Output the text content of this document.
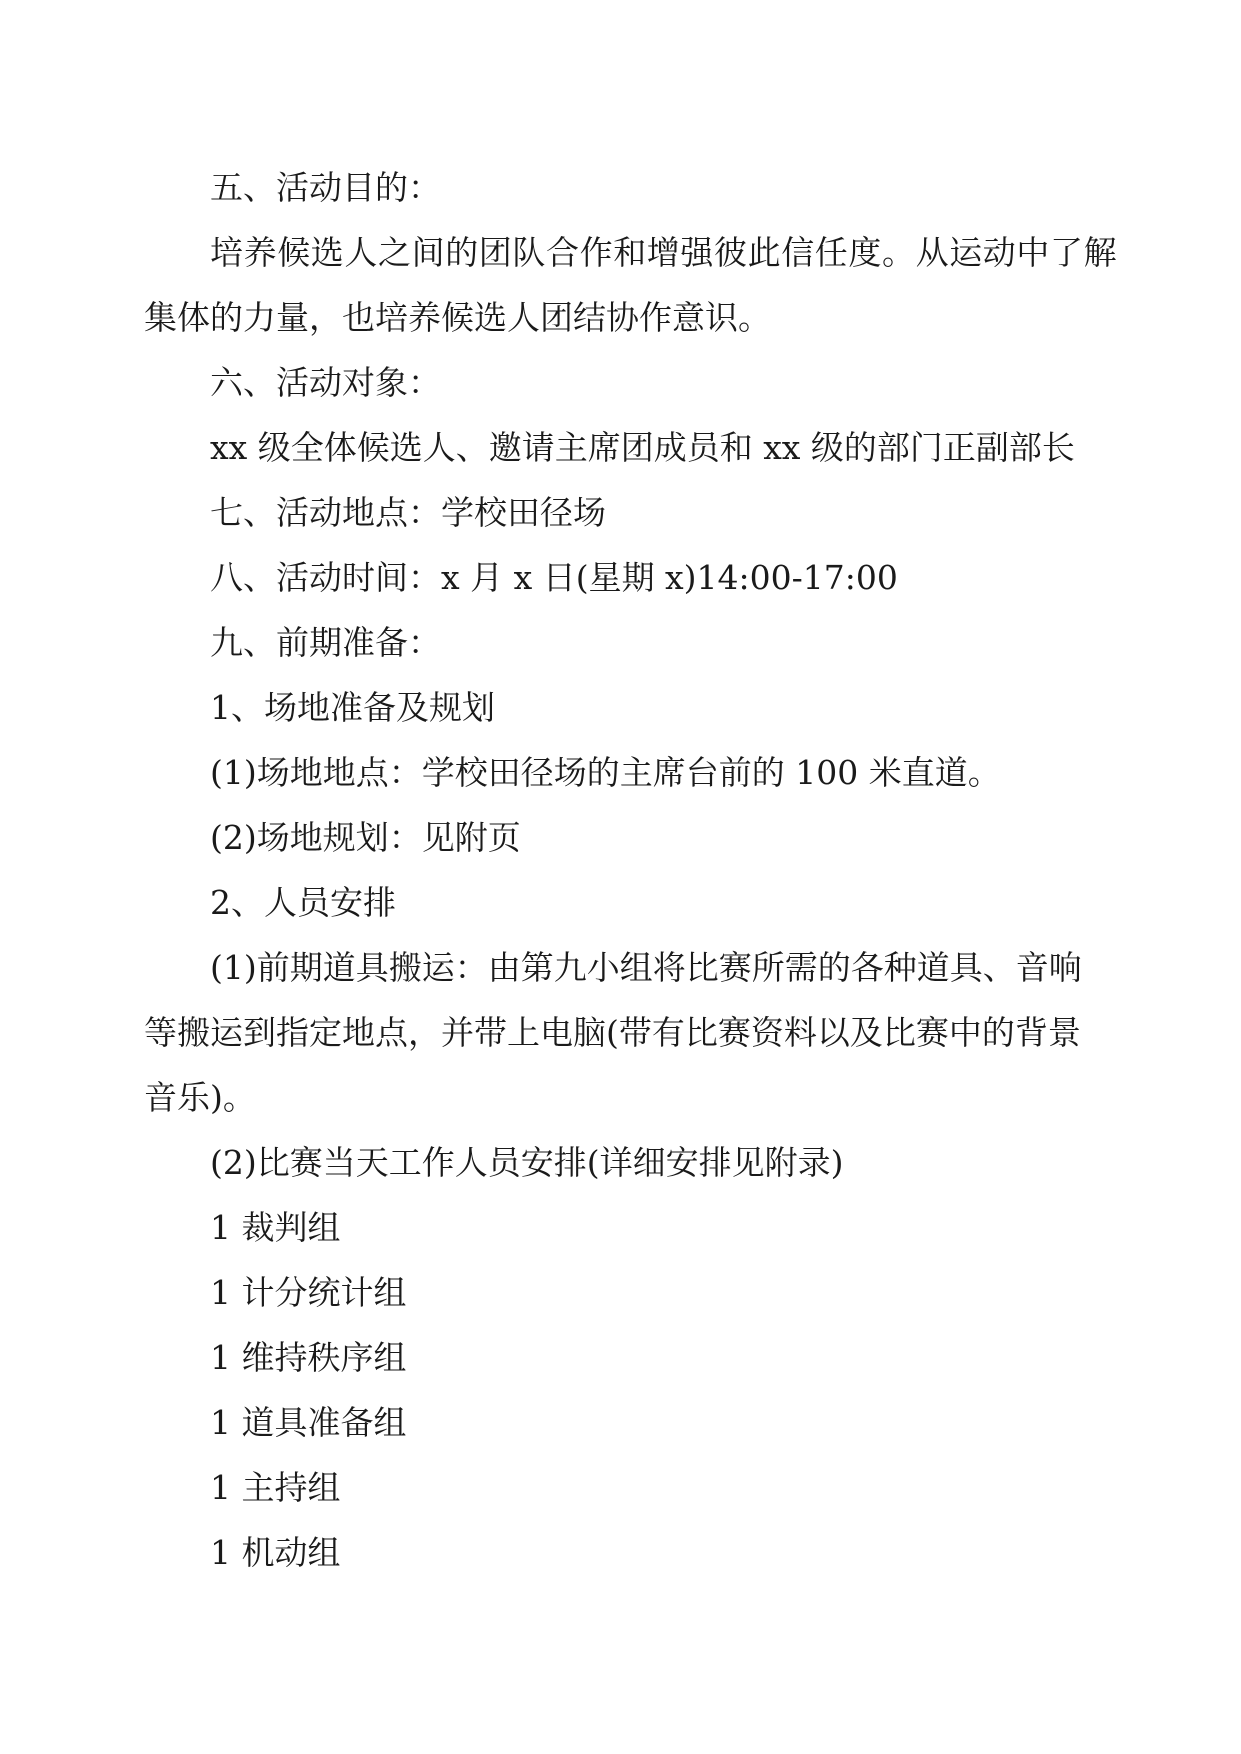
五、活动目的：
培养候选人之间的团队合作和增强彼此信任度。从运动中了解
集体的力量，也培养候选人团结协作意识。
六、活动对象：
xx 级全体候选人、邀请主席团成员和 xx 级的部门正副部长
七、活动地点：学校田径场
八、活动时间：x 月 x 日(星期 x)14:00-17:00
九、前期准备：
1、场地准备及规划
(1)场地地点：学校田径场的主席台前的 100 米直道。
(2)场地规划：见附页
2、人员安排
(1)前期道具搬运：由第九小组将比赛所需的各种道具、音响
等搬运到指定地点，并带上电脑(带有比赛资料以及比赛中的背景
音乐)。
(2)比赛当天工作人员安排(详细安排见附录)
1 裁判组
1 计分统计组
1 维持秩序组
1 道具准备组
1 主持组
1 机动组
